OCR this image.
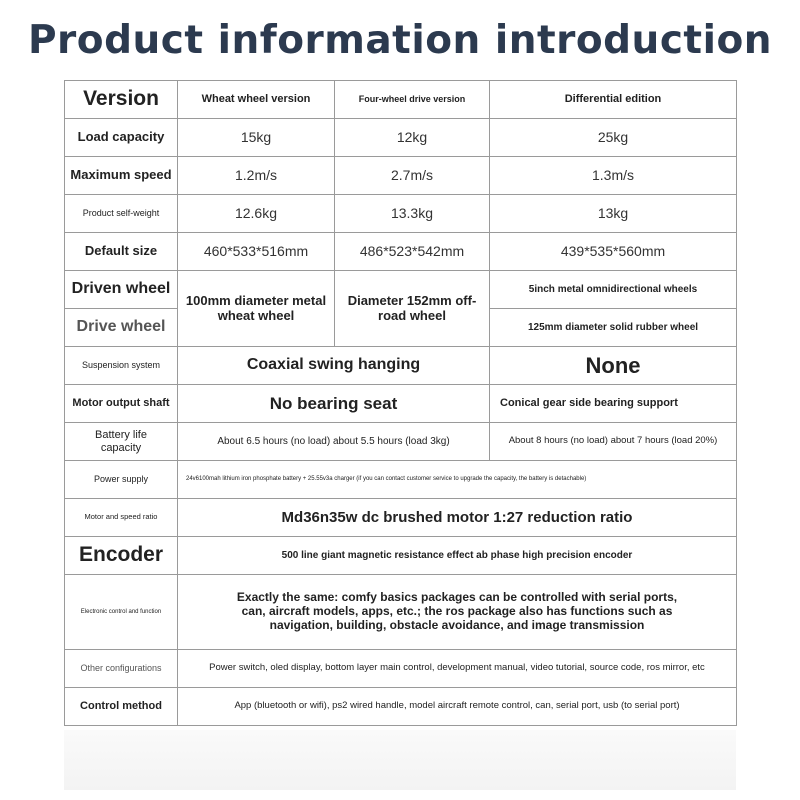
Product information introduction
Version	Wheat wheel version	Four-wheel drive version	Differential edition
Load capacity	15kg	12kg	25kg
Maximum speed	1.2m/s	2.7m/s	1.3m/s
Product self-weight	12.6kg	13.3kg	13kg
Default size	460*533*516mm	486*523*542mm	439*535*560mm
Driven wheel	100mm diameter metal wheat wheel	Diameter 152mm off-road wheel	5inch metal omnidirectional wheels
Drive wheel			125mm diameter solid rubber wheel
Suspension system	Coaxial swing hanging		None
Motor output shaft	No bearing seat		Conical gear side bearing support
Battery life capacity	About 6.5 hours (no load) about 5.5 hours (load 3kg)		About 8 hours (no load) about 7 hours (load 20%)
Power supply	24v6100mah lithium iron phosphate battery + 25.55v3a charger (if you can contact customer service to upgrade the capacity, the battery is detachable)		
Motor and speed ratio	Md36n35w dc brushed motor 1:27 reduction ratio		
Encoder	500 line giant magnetic resistance effect ab phase high precision encoder		
Electronic control and function	Exactly the same: comfy basics packages can be controlled with serial ports, can, aircraft models, apps, etc.; the ros package also has functions such as navigation, building, obstacle avoidance, and image transmission		
Other configurations	Power switch, oled display, bottom layer main control, development manual, video tutorial, source code, ros mirror, etc		
Control method	App (bluetooth or wifi), ps2 wired handle, model aircraft remote control, can, serial port, usb (to serial port)		
